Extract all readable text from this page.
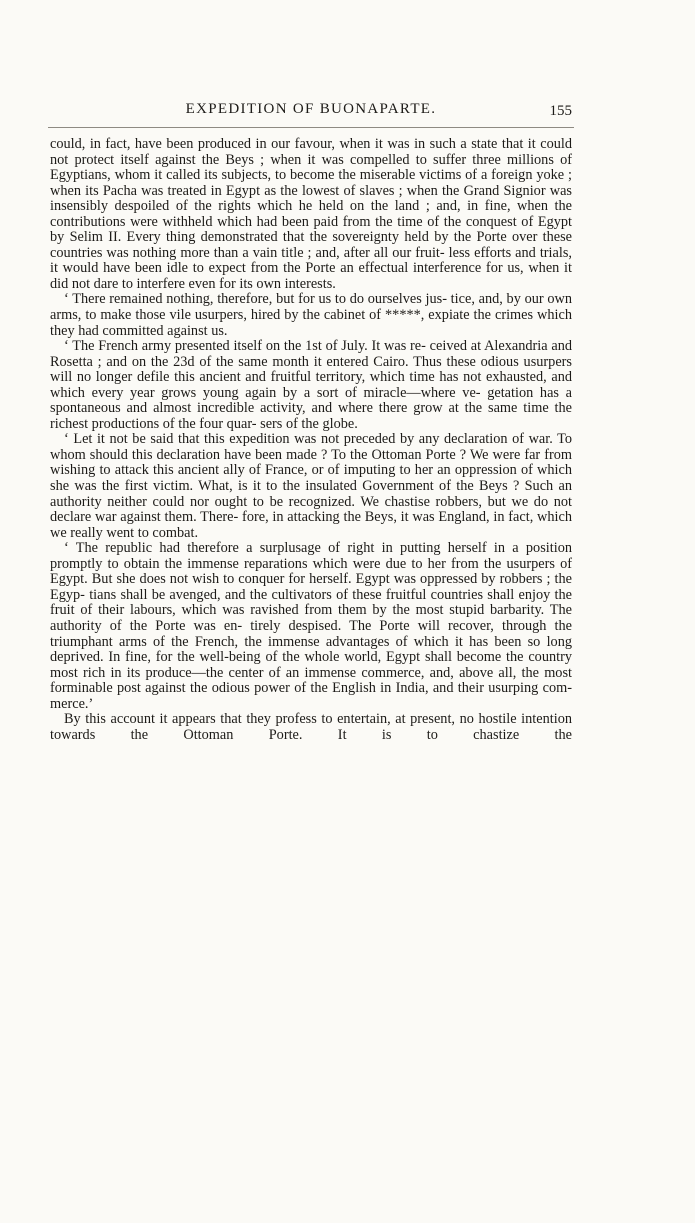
EXPEDITION OF BUONAPARTE.	155

could, in fact, have been produced in our favour, when it was in such a state that it could not protect itself against the Beys ; when it was compelled to suffer three millions of Egyptians, whom it called its subjects, to become the miserable victims of a foreign yoke ; when its Pacha was treated in Egypt as the lowest of slaves ; when the Grand Signior was insensibly despoiled of the rights which he held on the land ; and, in fine, when the contributions were withheld which had been paid from the time of the conquest of Egypt by Selim II. Every thing demonstrated that the sovereignty held by the Porte over these countries was nothing more than a vain title ; and, after all our fruit- less efforts and trials, it would have been idle to expect from the Porte an effectual interference for us, when it did not dare to interfere even for its own interests.

‘ There remained nothing, therefore, but for us to do ourselves jus- tice, and, by our own arms, to make those vile usurpers, hired by the cabinet of *****, expiate the crimes which they had committed against us.

‘ The French army presented itself on the 1st of July. It was re- ceived at Alexandria and Rosetta ; and on the 23d of the same month it entered Cairo. Thus these odious usurpers will no longer defile this ancient and fruitful territory, which time has not exhausted, and which every year grows young again by a sort of miracle—where ve- getation has a spontaneous and almost incredible activity, and where there grow at the same time the richest productions of the four quar- sers of the globe.

‘ Let it not be said that this expedition was not preceded by any declaration of war. To whom should this declaration have been made ? To the Ottoman Porte ? We were far from wishing to attack this ancient ally of France, or of imputing to her an oppression of which she was the first victim. What, is it to the insulated Government of the Beys ? Such an authority neither could nor ought to be recognized. We chastise robbers, but we do not declare war against them. There- fore, in attacking the Beys, it was England, in fact, which we really went to combat.

‘ The republic had therefore a surplusage of right in putting herself in a position promptly to obtain the immense reparations which were due to her from the usurpers of Egypt. But she does not wish to conquer for herself. Egypt was oppressed by robbers ; the Egyp- tians shall be avenged, and the cultivators of these fruitful countries shall enjoy the fruit of their labours, which was ravished from them by the most stupid barbarity. The authority of the Porte was en- tirely despised. The Porte will recover, through the triumphant arms of the French, the immense advantages of which it has been so long deprived. In fine, for the well-being of the whole world, Egypt shall become the country most rich in its produce—the center of an immense commerce, and, above all, the most forminable post against the odious power of the English in India, and their usurping com- merce.’

By this account it appears that they profess to entertain, at present, no hostile intention towards the Ottoman Porte. It is to chastize the
